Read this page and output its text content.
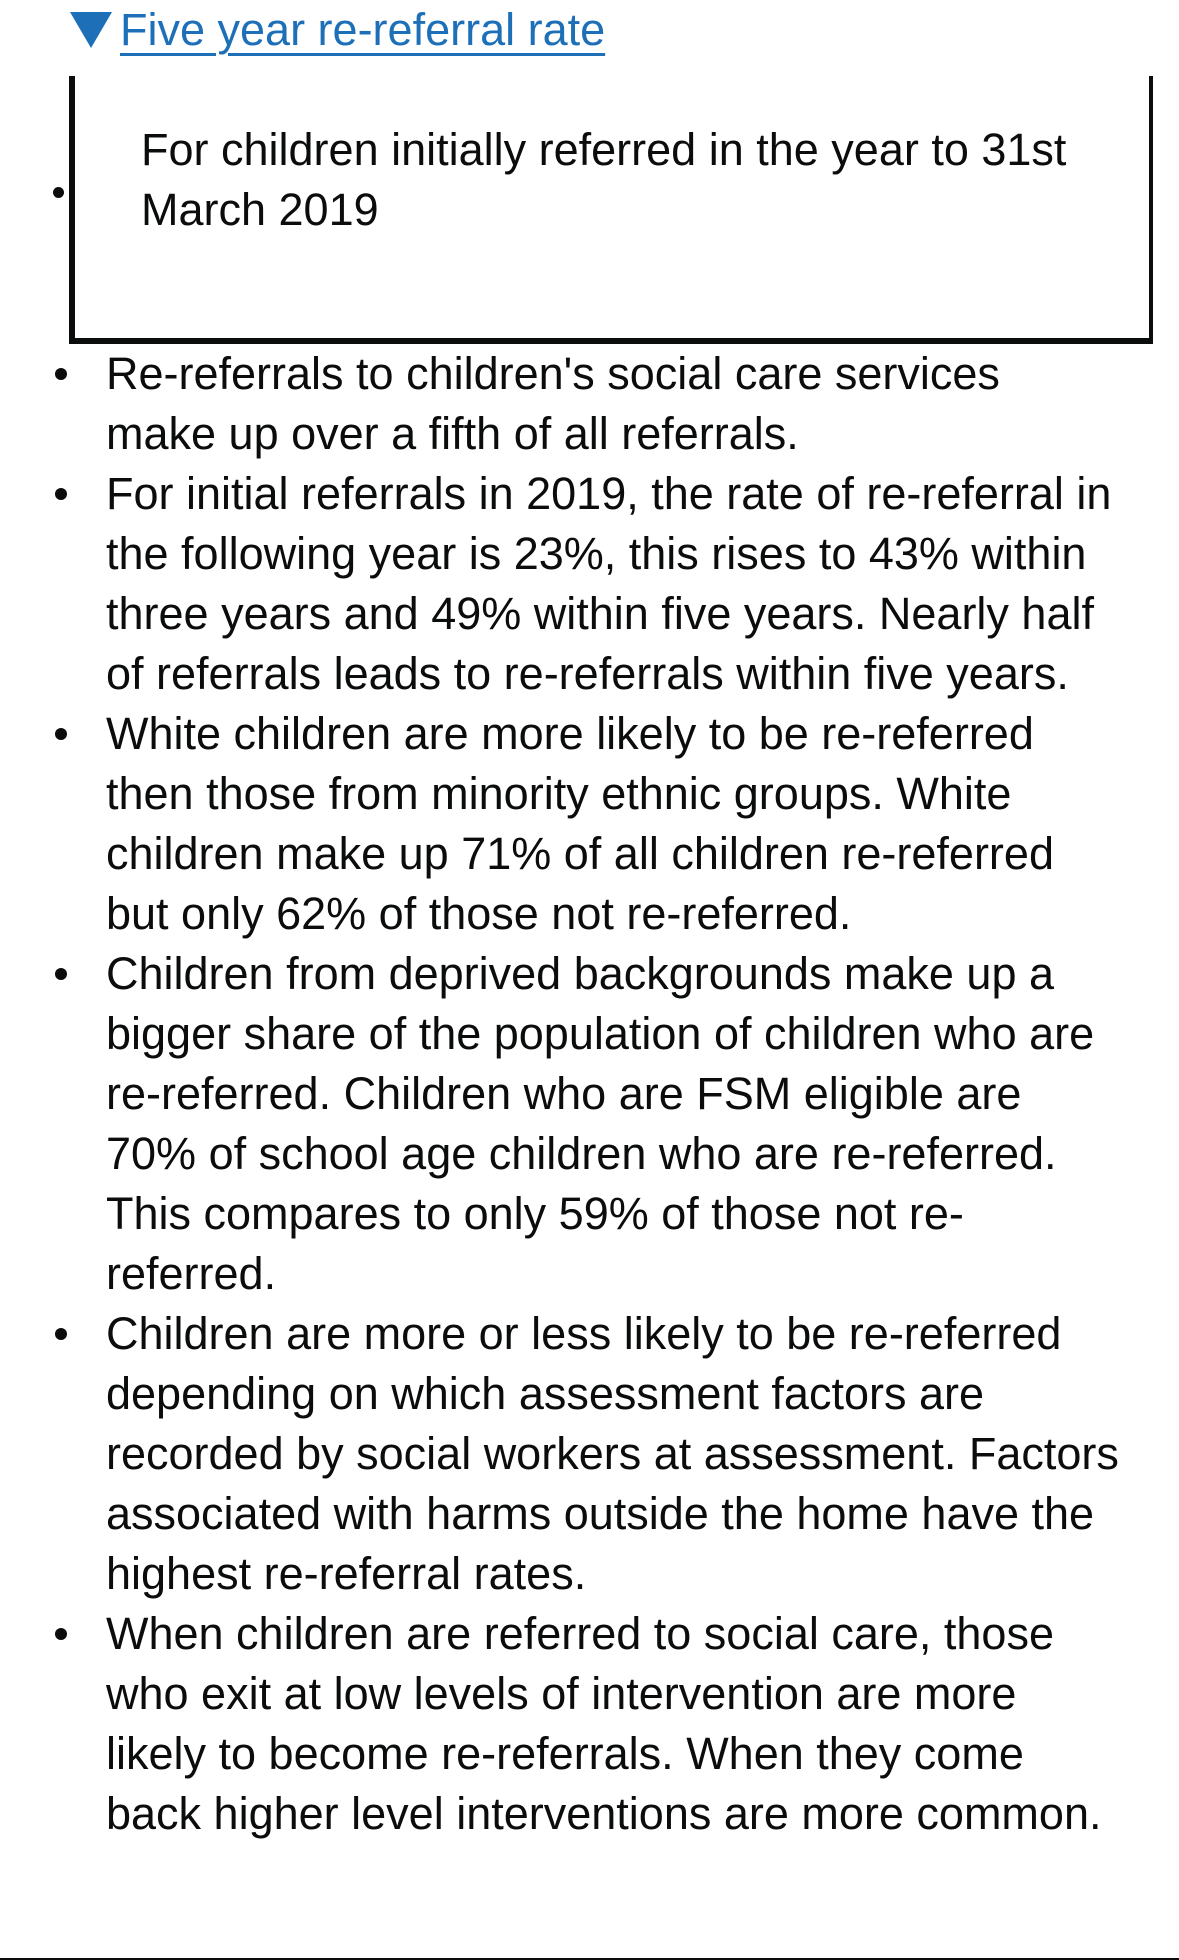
Five year re-referral rate
For children initially referred in the year to 31st March 2019
Re-referrals to children's social care services make up over a fifth of all referrals.
For initial referrals in 2019, the rate of re-referral in the following year is 23%, this rises to 43% within three years and 49% within five years. Nearly half of referrals leads to re-referrals within five years.
White children are more likely to be re-referred then those from minority ethnic groups. White children make up 71% of all children re-referred but only 62% of those not re-referred.
Children from deprived backgrounds make up a bigger share of the population of children who are re-referred. Children who are FSM eligible are 70% of school age children who are re-referred. This compares to only 59% of those not re-referred.
Children are more or less likely to be re-referred depending on which assessment factors are recorded by social workers at assessment. Factors associated with harms outside the home have the highest re-referral rates.
When children are referred to social care, those who exit at low levels of intervention are more likely to become re-referrals. When they come back higher level interventions are more common.
